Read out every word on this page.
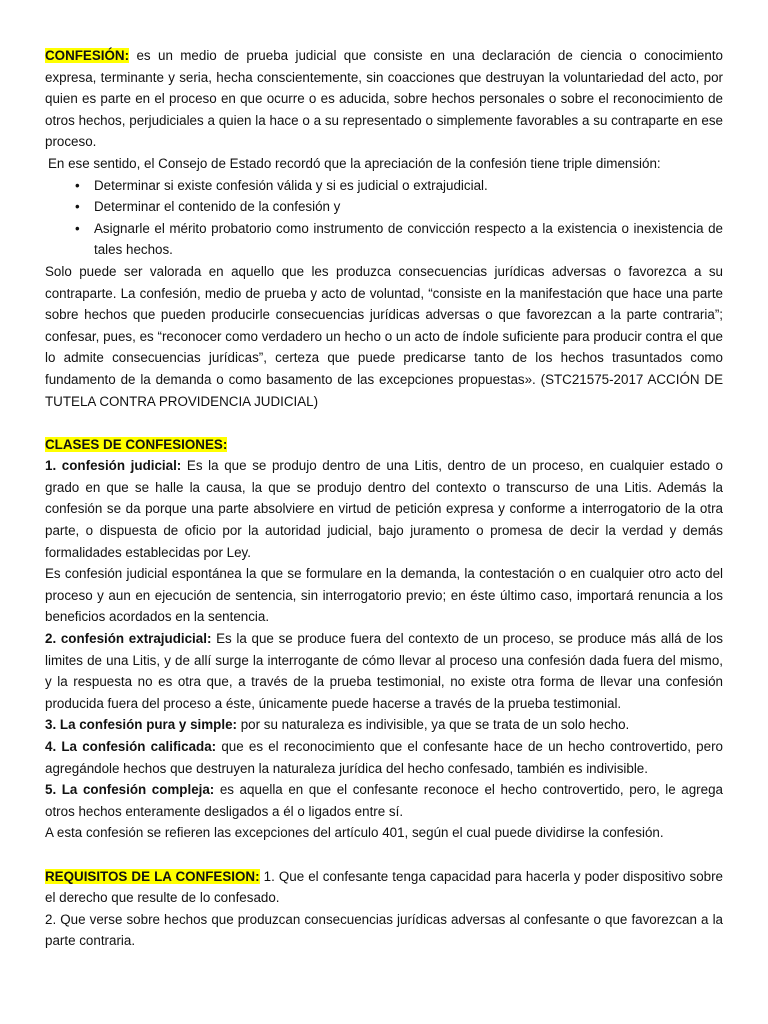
CONFESIÓN: es un medio de prueba judicial que consiste en una declaración de ciencia o conocimiento expresa, terminante y seria, hecha conscientemente, sin coacciones que destruyan la voluntariedad del acto, por quien es parte en el proceso en que ocurre o es aducida, sobre hechos personales o sobre el reconocimiento de otros hechos, perjudiciales a quien la hace o a su representado o simplemente favorables a su contraparte en ese proceso.

En ese sentido, el Consejo de Estado recordó que la apreciación de la confesión tiene triple dimensión:

• Determinar si existe confesión válida y si es judicial o extrajudicial.
• Determinar el contenido de la confesión y
• Asignarle el mérito probatorio como instrumento de convicción respecto a la existencia o inexistencia de tales hechos.

Solo puede ser valorada en aquello que les produzca consecuencias jurídicas adversas o favorezca a su contraparte. La confesión, medio de prueba y acto de voluntad, “consiste en la manifestación que hace una parte sobre hechos que pueden producirle consecuencias jurídicas adversas o que favorezcan a la parte contraria”; confesar, pues, es “reconocer como verdadero un hecho o un acto de índole suficiente para producir contra el que lo admite consecuencias jurídicas”, certeza que puede predicarse tanto de los hechos trasuntados como fundamento de la demanda o como basamento de las excepciones propuestas». (STC21575-2017 ACCIÓN DE TUTELA CONTRA PROVIDENCIA JUDICIAL)

CLASES DE CONFESIONES:

1. confesión judicial: Es la que se produjo dentro de una Litis, dentro de un proceso, en cualquier estado o grado en que se halle la causa, la que se produjo dentro del contexto o transcurso de una Litis. Además la confesión se da porque una parte absolviere en virtud de petición expresa y conforme a interrogatorio de la otra parte, o dispuesta de oficio por la autoridad judicial, bajo juramento o promesa de decir la verdad y demás formalidades establecidas por Ley.

Es confesión judicial espontánea la que se formulare en la demanda, la contestación o en cualquier otro acto del proceso y aun en ejecución de sentencia, sin interrogatorio previo; en éste último caso, importará renuncia a los beneficios acordados en la sentencia.

2. confesión extrajudicial: Es la que se produce fuera del contexto de un proceso, se produce más allá de los limites de una Litis, y de allí surge la interrogante de cómo llevar al proceso una confesión dada fuera del mismo, y la respuesta no es otra que, a través de la prueba testimonial, no existe otra forma de llevar una confesión producida fuera del proceso a éste, únicamente puede hacerse a través de la prueba testimonial.

3. La confesión pura y simple: por su naturaleza es indivisible, ya que se trata de un solo hecho.

4. La confesión calificada: que es el reconocimiento que el confesante hace de un hecho controvertido, pero agregándole hechos que destruyen la naturaleza jurídica del hecho confesado, también es indivisible.

5. La confesión compleja: es aquella en que el confesante reconoce el hecho controvertido, pero, le agrega otros hechos enteramente desligados a él o ligados entre sí.

A esta confesión se refieren las excepciones del artículo 401, según el cual puede dividirse la confesión.

REQUISITOS DE LA CONFESION: 1. Que el confesante tenga capacidad para hacerla y poder dispositivo sobre el derecho que resulte de lo confesado.

2. Que verse sobre hechos que produzcan consecuencias jurídicas adversas al confesante o que favorezcan a la parte contraria.
